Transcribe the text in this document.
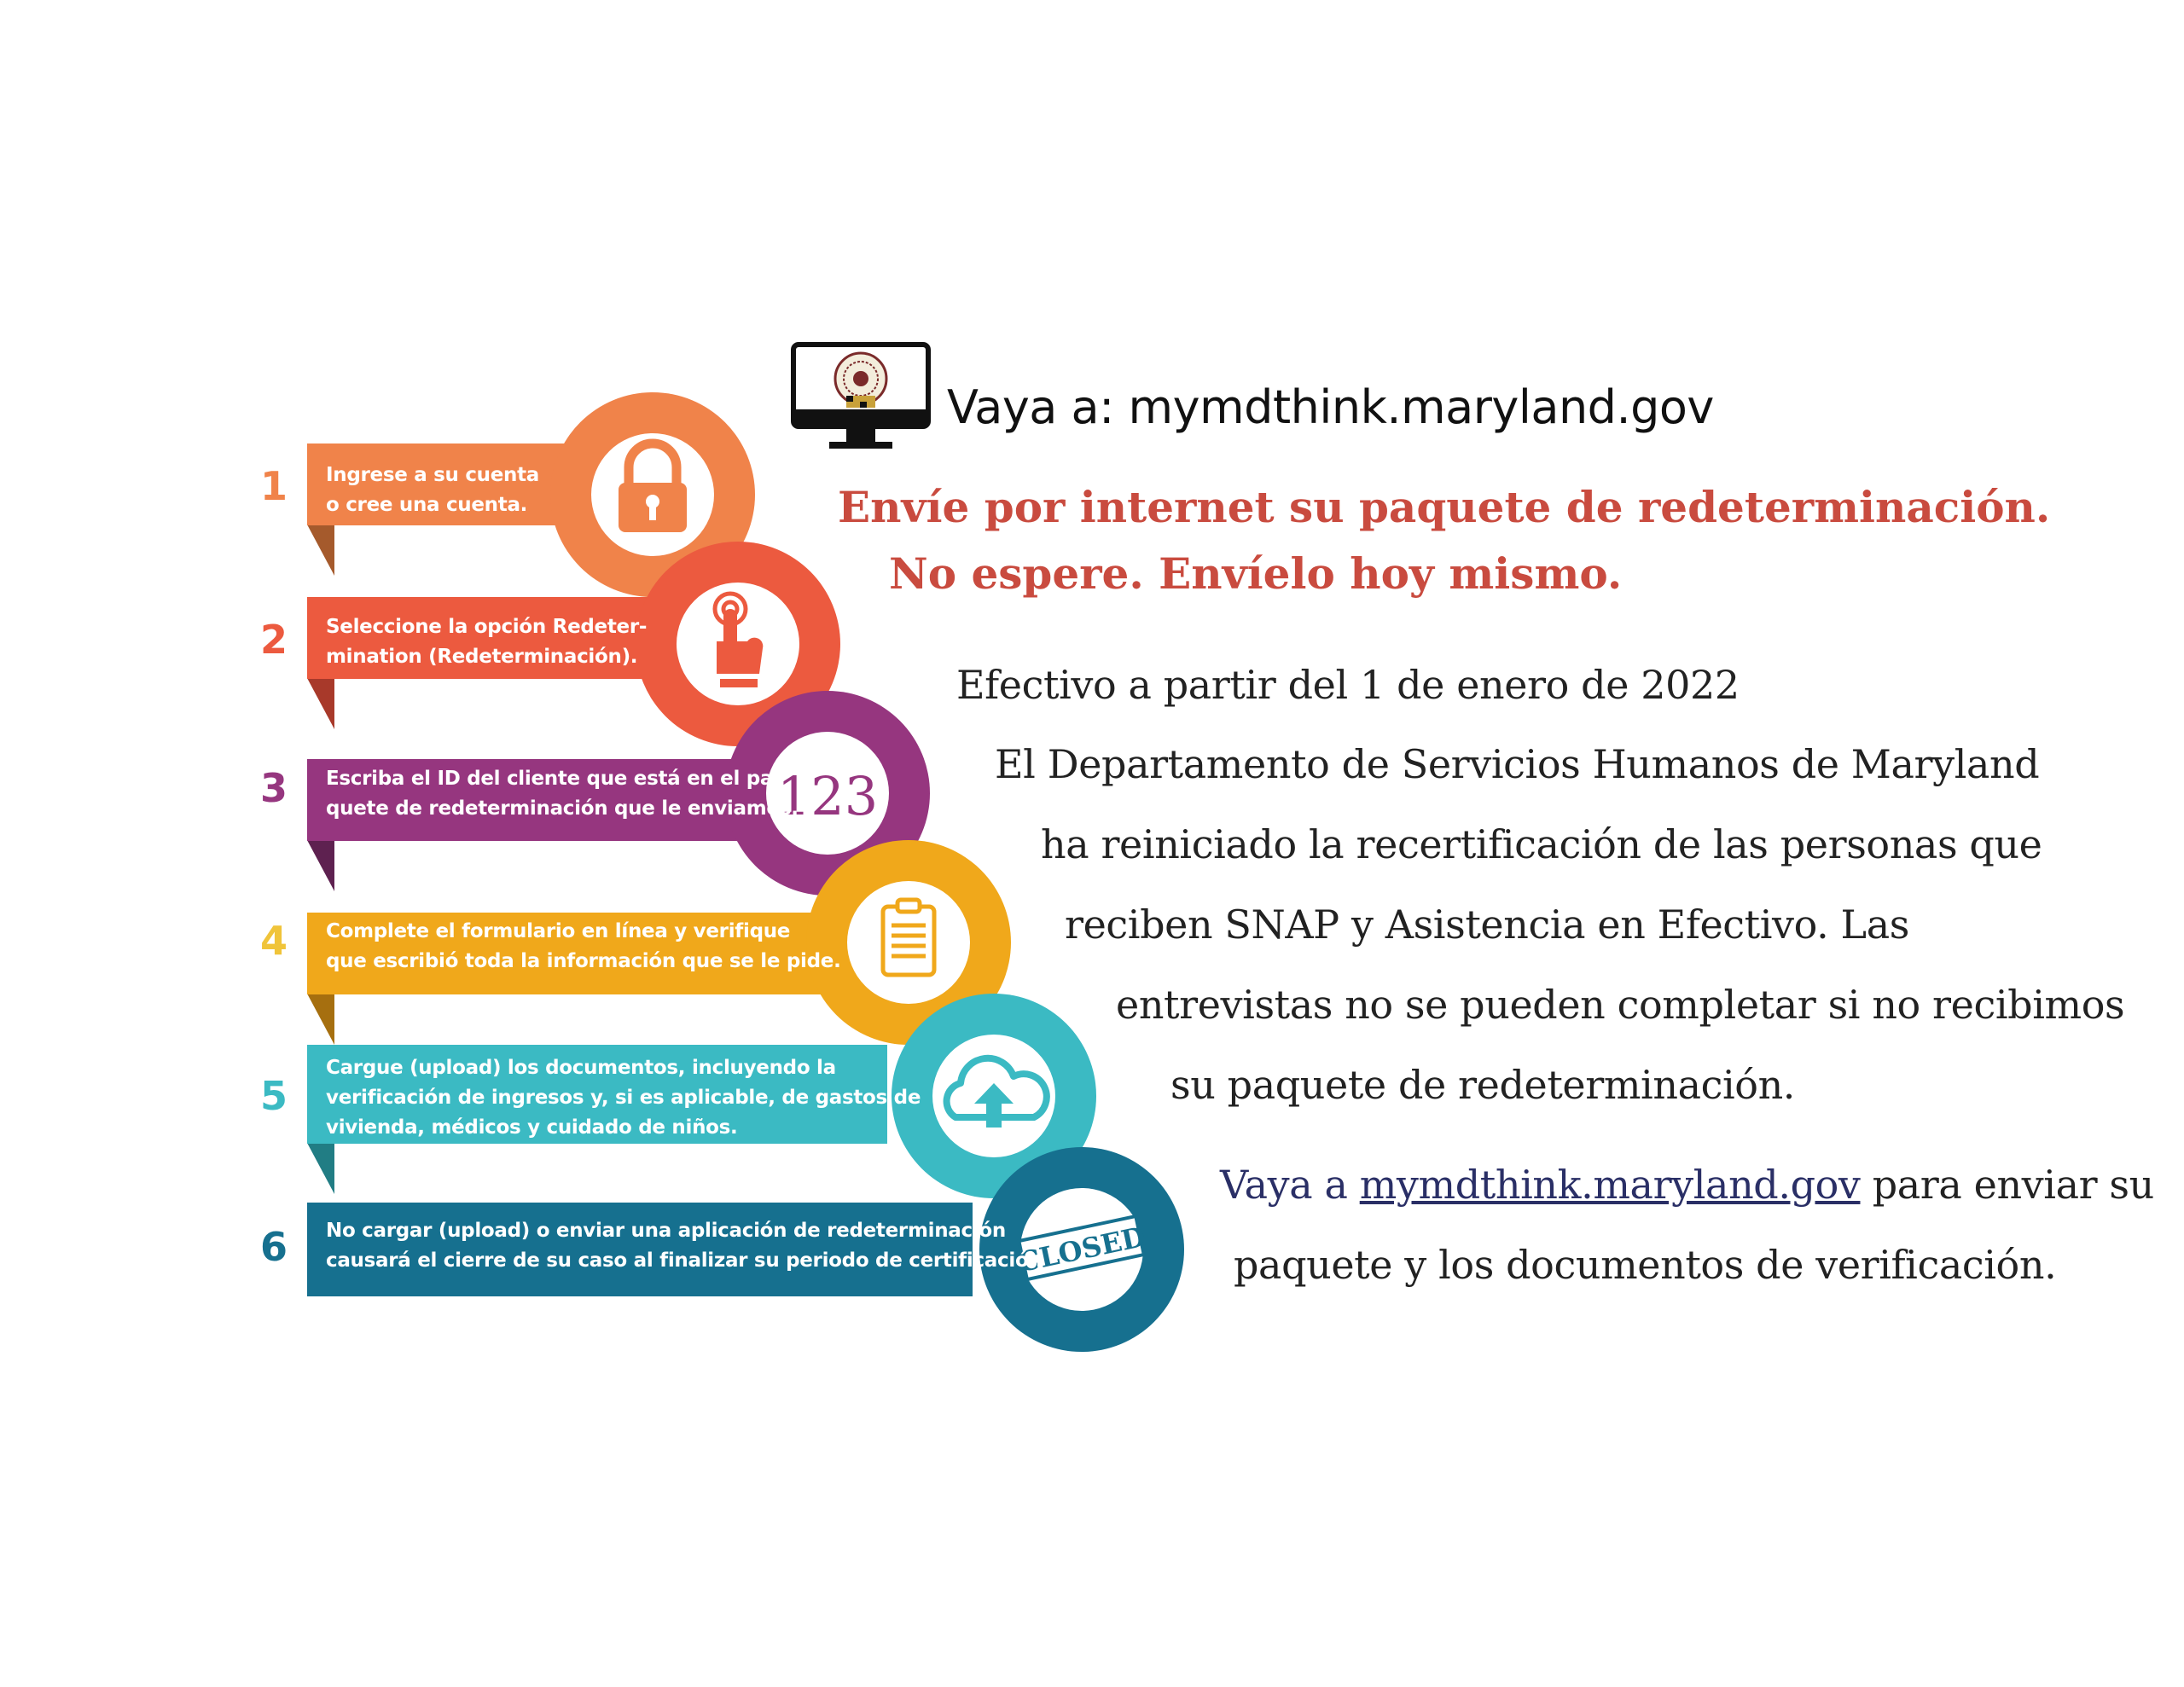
123
CLOSED
1
2
3
4
5
6
Ingrese a su cuenta
o cree una cuenta.
Seleccione la opción Redeter-
mination (Redeterminación).
Escriba el ID del cliente que está en el pa-
quete de redeterminación que le enviamos.
Complete el formulario en línea y verifique
que escribió toda la información que se le pide.
Cargue (upload) los documentos, incluyendo la
verificación de ingresos y, si es aplicable, de gastos de
vivienda, médicos y cuidado de niños.
No cargar (upload) o enviar una aplicación de redeterminación
causará el cierre de su caso al finalizar su periodo de certificación
Vaya a: mymdthink.maryland.gov
Envíe por internet su paquete de redeterminación.
No espere. Envíelo hoy mismo.
Efectivo a partir del 1 de enero de 2022
El Departamento de Servicios Humanos de Maryland
ha reiniciado la recertificación de las personas que
reciben SNAP y Asistencia en Efectivo. Las
entrevistas no se pueden completar si no recibimos
su paquete de redeterminación.
Vaya a mymdthink.maryland.gov para enviar su
paquete y los documentos de verificación.
